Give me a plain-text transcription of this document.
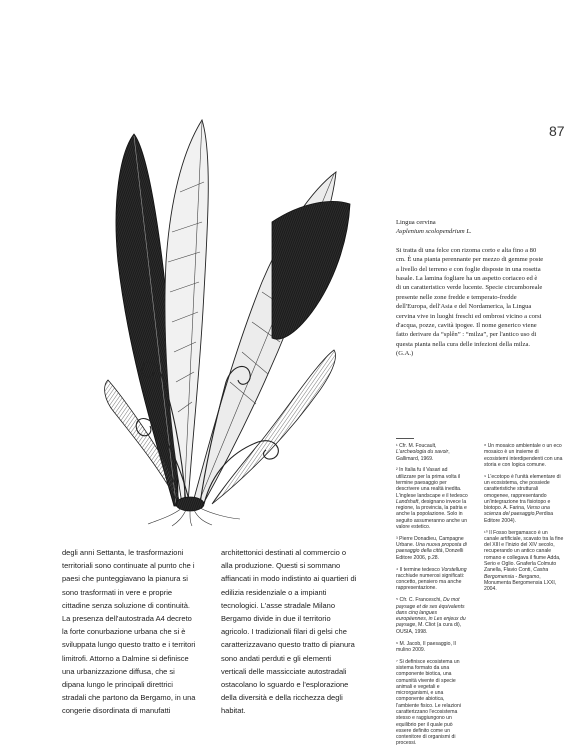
87
Lingua cervina
Asplenium scolopendrium L.
Si tratta di una felce con rizoma corto e alta fino a 80 cm. È una pianta perennante per mezzo di gemme poste a livello del terreno e con foglie disposte in una rosetta basale. La lamina fogliare ha un aspetto coriaceo ed è di un caratteristico verde lucente. Specie circumboreale presente nelle zone fredde e temperato-fredde dell'Europa, dell'Asia e del Nordamerica, la Lingua cervina vive in luoghi freschi ed ombrosi vicino a corsi d'acqua, pozze, cavità ipogee. Il nome generico viene fatto derivare da “splên” : “milza”, per l'antico uso di questa pianta nella cura delle infezioni della milza.
(G.A.)
degli anni Settanta, le trasformazioni territoriali sono continuate al punto che i paesi che punteggiavano la pianura si sono trasformati in vere e proprie cittadine senza soluzione di continuità. La presenza dell'autostrada A4 decreto la forte conurbazione urbana che si è sviluppata lungo questo tratto e i territori limitrofi. Attorno a Dalmine si definisce una urbanizzazione diffusa, che si dipana lungo le principali direttrici stradali che partono da Bergamo, in una congerie disordinata di manufatti
architettonici destinati al commercio o alla produzione. Questi si sommano affiancati in modo indistinto ai quartieri di edilizia residenziale o a impianti tecnologici. L'asse stradale Milano Bergamo divide in due il territorio agricolo. I tradizionali filari di gelsi che caratterizzavano questo tratto di pianura sono andati perduti e gli elementi verticali delle massicciate autostradali ostacolano lo sguardo e l'esplorazione della diversità e della ricchezza degli habitat.

¹ Cfr. M. Foucault, L'archeologia du savoir, Gallimard, 1969.

² In Italia fu il Vasari ad utilizzare per la prima volta il termine paesaggio per descrivere una realtà inedita. L'inglese landscape e il tedesco Landshaft, designano invece la regione, la provincia, la patria e anche la popolazione. Solo in seguito assumeranno anche un valore estetico.

³ Pierre Donadieu, Campagne Urbane. Una nuova proposta di paesaggio della città, Donzelli Editore 2006, p.28.

⁴ Il termine tedesco Vorstellung racchiude numerosi significati: concetto, pensiero ma anche rappresentazione.

⁵ Cfr. C. Franceschi, Du mot paysage et de ses équivalents dans cinq langues européennes, in Les enjeux du paysage, M. Cliot (a cura di), OUSIA, 1998.

⁶ M. Jacob, Il paesaggio, Il mulino 2009.

⁷ Si definisce ecosistema un sistema formato da una componente biotica, una comunità vivente di specie animali e vegetali e microrganismi, e una componente abiotica, l'ambiente fisico. Le relazioni caratterizzano l'ecosistema stesso e raggiungono un equilibrio per il quale può essere definito come un contenitore di organismi di processi.

⁸ Un mosaico ambientale o un eco mosaico è un insieme di ecosistemi interdipendenti con una storia e con logica comune.

⁹ L'ecotopo è l'unità elementare di un ecosistema, che possiede caratteristiche strutturali omogenee, rappresentando un'integrazione tra fisiotopo e biotopo. A. Farina, Verso una scienza del paesaggio,Perdisa Editore 2004).

¹⁰ Il Fosso bergamasco è un canale artificiale, scavato tra la fine del XIII e l'inizio del XIV secolo, recuperando un antico canale romano e collegava il fiume Adda, Serio e Oglio. Gnaferla Colmuto Zanella, Flavio Conti, Castra Bergomensia - Bergamo, Monumenta Bergomensia LXXI, 2004.
